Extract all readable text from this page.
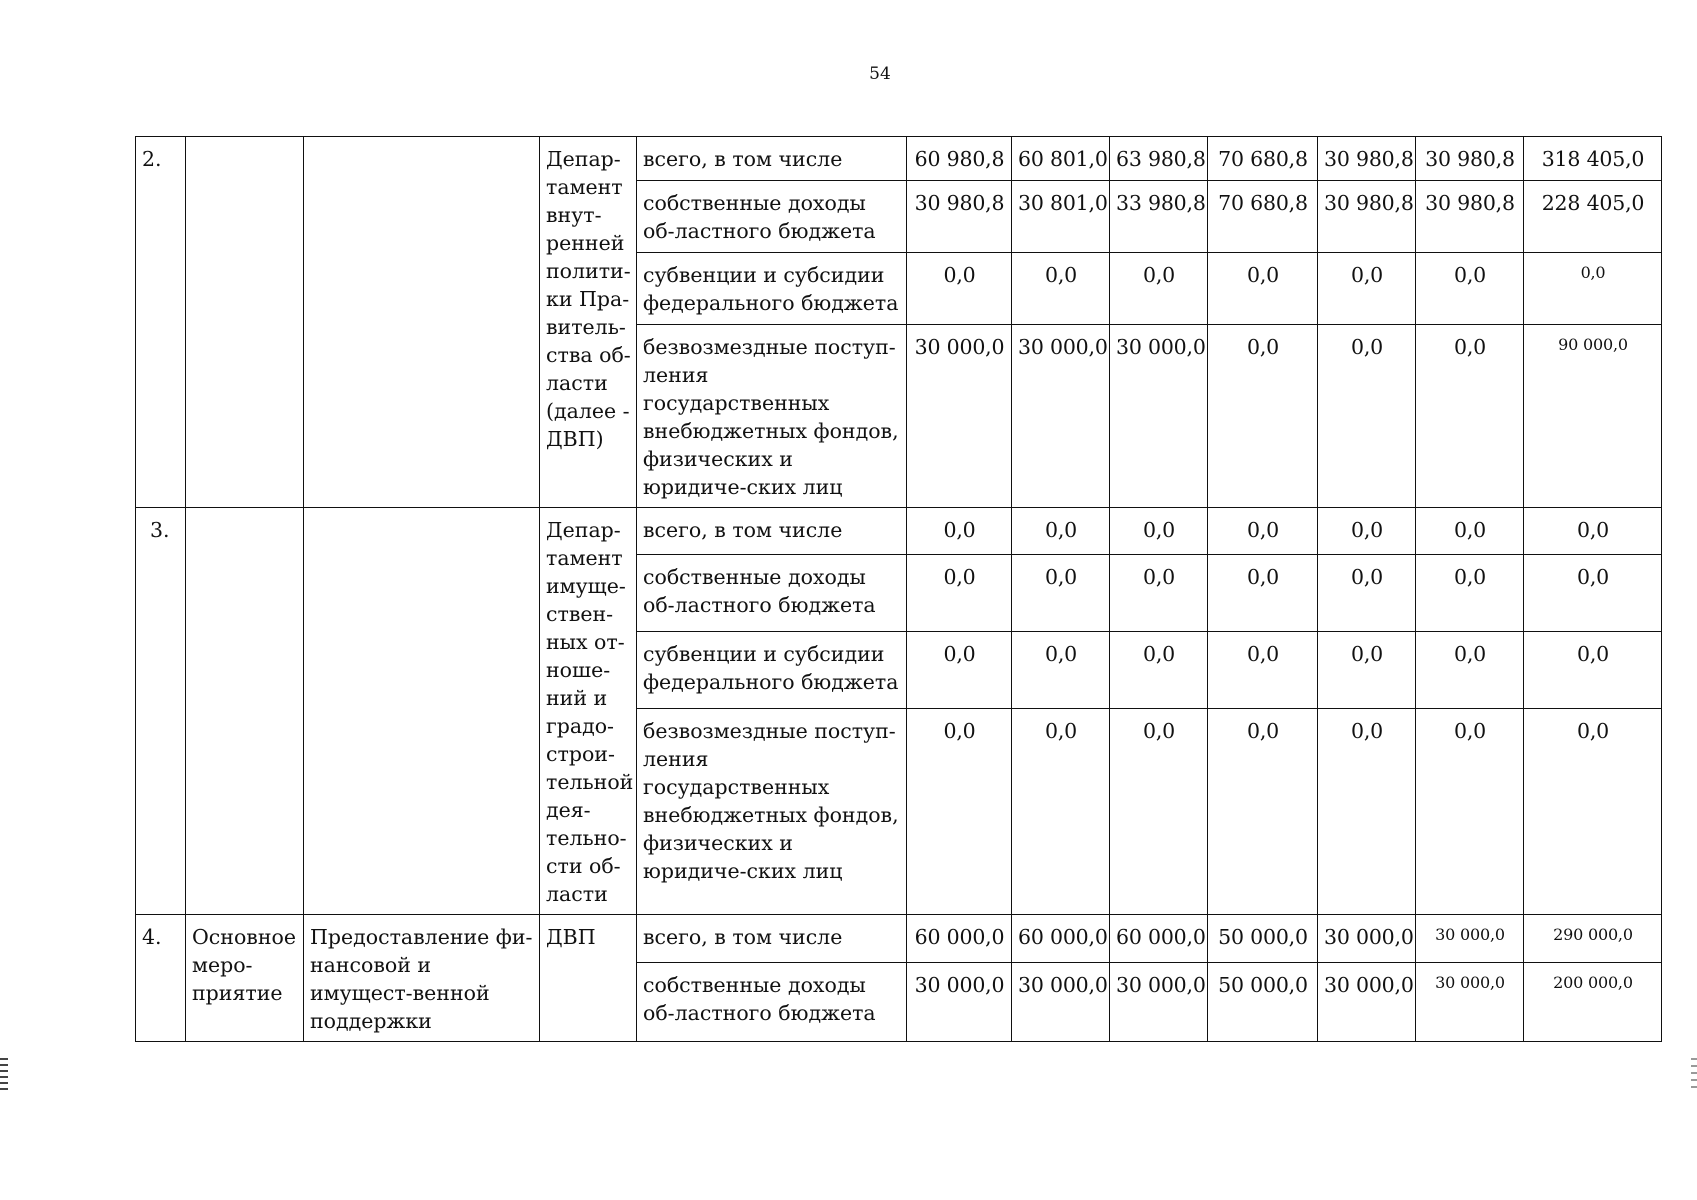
54
2.			Депар-тамент внут-ренней полити-ки Пра-витель-ства об-ласти (далее - ДВП)	всего, в том числе	60 980,8	60 801,0	63 980,8	70 680,8	30 980,8	30 980,8	318 405,0
				собственные доходы об-ластного бюджета	30 980,8	30 801,0	33 980,8	70 680,8	30 980,8	30 980,8	228 405,0
				субвенции и субсидии федерального бюджета	0,0	0,0	0,0	0,0	0,0	0,0	0,0
				безвозмездные поступ-ления государственных внебюджетных фондов, физических и юридиче-ских лиц	30 000,0	30 000,0	30 000,0	0,0	0,0	0,0	90 000,0
3.			Депар-тамент имуще-ствен-ных от-ноше-ний и градо-строи-тельной дея-тельно-сти об-ласти	всего, в том числе	0,0	0,0	0,0	0,0	0,0	0,0	0,0
				собственные доходы об-ластного бюджета	0,0	0,0	0,0	0,0	0,0	0,0	0,0
				субвенции и субсидии федерального бюджета	0,0	0,0	0,0	0,0	0,0	0,0	0,0
				безвозмездные поступ-ления государственных внебюджетных фондов, физических и юридиче-ских лиц	0,0	0,0	0,0	0,0	0,0	0,0	0,0
4.	Основное меро-приятие	Предоставление фи-нансовой и имущест-венной поддержки	ДВП	всего, в том числе	60 000,0	60 000,0	60 000,0	50 000,0	30 000,0	30 000,0	290 000,0
				собственные доходы об-ластного бюджета	30 000,0	30 000,0	30 000,0	50 000,0	30 000,0	30 000,0	200 000,0
